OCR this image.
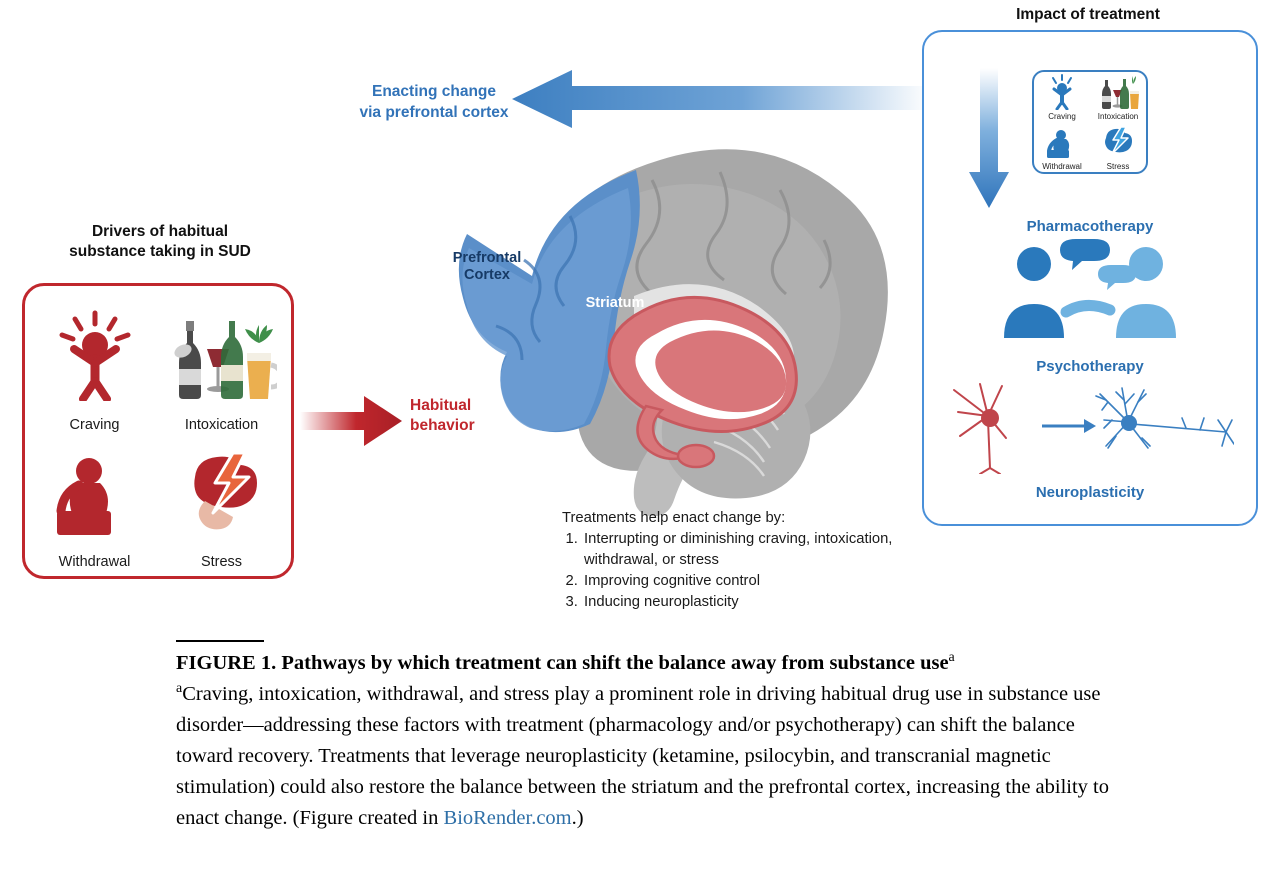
Drivers of habitual
substance taking in SUD
Craving	Intoxication
Withdrawal	Stress
Habitual
behavior
Enacting change
via prefrontal cortex
Prefrontal
Cortex
Striatum
Treatments help enact change by:
1. Interrupting or diminishing craving, intoxication, withdrawal, or stress
2. Improving cognitive control
3. Inducing neuroplasticity
Impact of treatment
Craving	Intoxication
Withdrawal	Stress
Pharmacotherapy
Psychotherapy
Neuroplasticity

FIGURE 1. Pathways by which treatment can shift the balance away from substance use$^a$
$^a$Craving, intoxication, withdrawal, and stress play a prominent role in driving habitual drug use in substance use disorder—addressing these factors with treatment (pharmacology and/or psychotherapy) can shift the balance toward recovery. Treatments that leverage neuroplasticity (ketamine, psilocybin, and transcranial magnetic stimulation) could also restore the balance between the striatum and the prefrontal cortex, increasing the ability to enact change. (Figure created in BioRender.com.)
